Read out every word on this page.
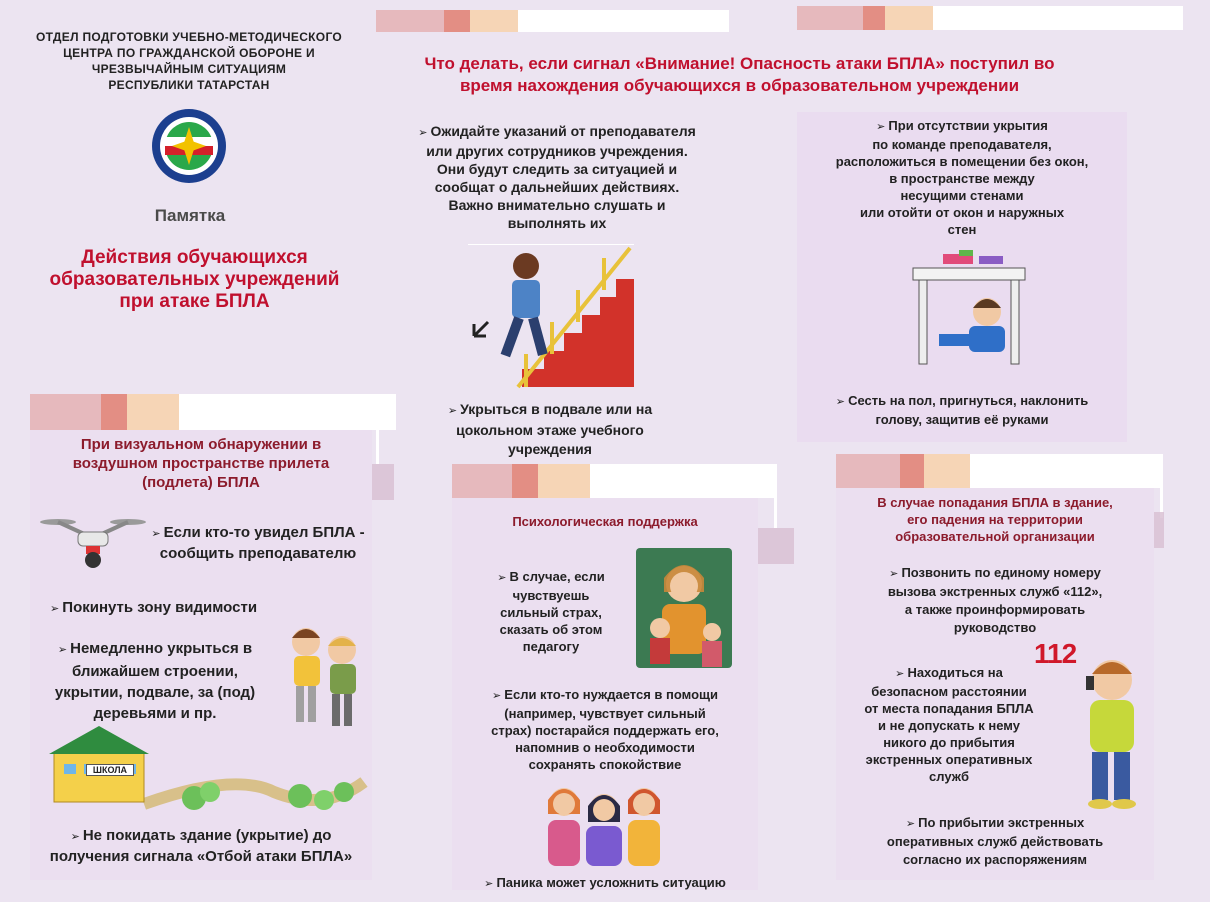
ОТДЕЛ ПОДГОТОВКИ УЧЕБНО-МЕТОДИЧЕСКОГО
ЦЕНТРА ПО ГРАЖДАНСКОЙ ОБОРОНЕ И
ЧРЕЗВЫЧАЙНЫМ СИТУАЦИЯМ
РЕСПУБЛИКИ ТАТАРСТАН
Памятка
Действия обучающихся
образовательных учреждений
при атаке БПЛА
Что делать, если сигнал «Внимание! Опасность атаки БПЛА» поступил во
время нахождения обучающихся в образовательном учреждении
➢ Ожидайте указаний от преподавателя
или других сотрудников учреждения.
Они будут следить за ситуацией и
сообщат о дальнейших действиях.
Важно внимательно слушать и
выполнять их
➢ Укрыться в подвале или на
цокольном этаже учебного
учреждения
➢ При отсутствии укрытия
по команде преподавателя,
расположиться в помещении без окон,
в пространстве между
несущими стенами
или отойти от окон и наружных
стен
➢ Сесть на пол, пригнуться, наклонить
голову, защитив её руками
При визуальном обнаружении в
воздушном пространстве прилета
(подлета) БПЛА
➢ Если кто-то увидел БПЛА -
сообщить преподавателю
➢ Покинуть зону видимости
➢ Немедленно укрыться в
ближайшем строении,
укрытии, подвале, за (под)
деревьями и пр.
ШКОЛА
➢ Не покидать здание (укрытие) до
получения сигнала «Отбой атаки БПЛА»
Психологическая поддержка
➢ В случае, если
чувствуешь
сильный страх,
сказать об этом
педагогу
➢ Если кто-то нуждается в помощи
(например, чувствует сильный
страх) постарайся поддержать его,
напомнив о необходимости
сохранять спокойствие
➢ Паника может усложнить ситуацию
В случае попадания БПЛА в здание,
его падения на территории
образовательной организации
➢ Позвонить по единому номеру
вызова экстренных служб «112»,
а также проинформировать
руководство
➢ Находиться на
безопасном расстоянии
от места попадания БПЛА
и не допускать к нему
никого до прибытия
экстренных оперативных
служб
112
➢ По прибытии экстренных
оперативных служб действовать
согласно их распоряжениям
